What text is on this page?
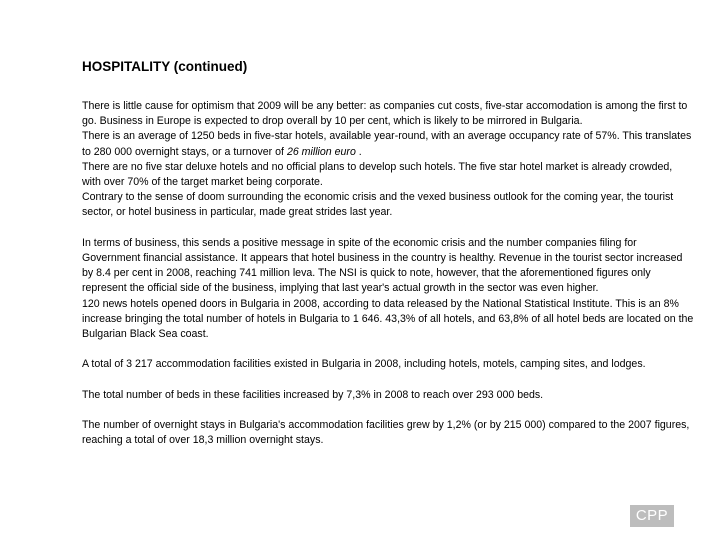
HOSPITALITY (continued)

There is little cause for optimism that 2009 will be any better: as companies cut costs, five-star accomodation is among the first to go. Business in Europe is expected to drop overall by 10 per cent, which is likely to be mirrored in Bulgaria.

There is an average of 1250 beds in five-star hotels, available year-round, with an average occupancy rate of 57%. This translates to 280 000 overnight stays, or a turnover of 26 million euro .

There are no five star deluxe hotels and no official plans to develop such hotels. The five star hotel market is already crowded, with over 70% of the target market being corporate.

Contrary to the sense of doom surrounding the economic crisis and the vexed business outlook for the coming year, the tourist sector, or hotel business in particular, made great strides last year.

In terms of business, this sends a positive message in spite of the economic crisis and the number companies filing for Government financial assistance. It appears that hotel business in the country is healthy. Revenue in the tourist sector increased by 8.4 per cent in 2008, reaching 741 million leva. The NSI is quick to note, however, that the aforementioned figures only represent the official side of the business, implying that last year's actual growth in the sector was even higher.

120 news hotels opened doors in Bulgaria in 2008, according to data released by the National Statistical Institute. This is an 8% increase bringing the total number of hotels in Bulgaria to 1 646. 43,3% of all hotels, and 63,8% of all hotel beds are located on the Bulgarian Black Sea coast.

A total of 3 217 accommodation facilities existed in Bulgaria in 2008, including hotels, motels, camping sites, and lodges.

The total number of beds in these facilities increased by 7,3% in 2008 to reach over 293 000 beds.

The number of overnight stays in Bulgaria's accommodation facilities grew by 1,2% (or by 215 000) compared to the 2007 figures, reaching a total of over 18,3 million overnight stays.

CPP
